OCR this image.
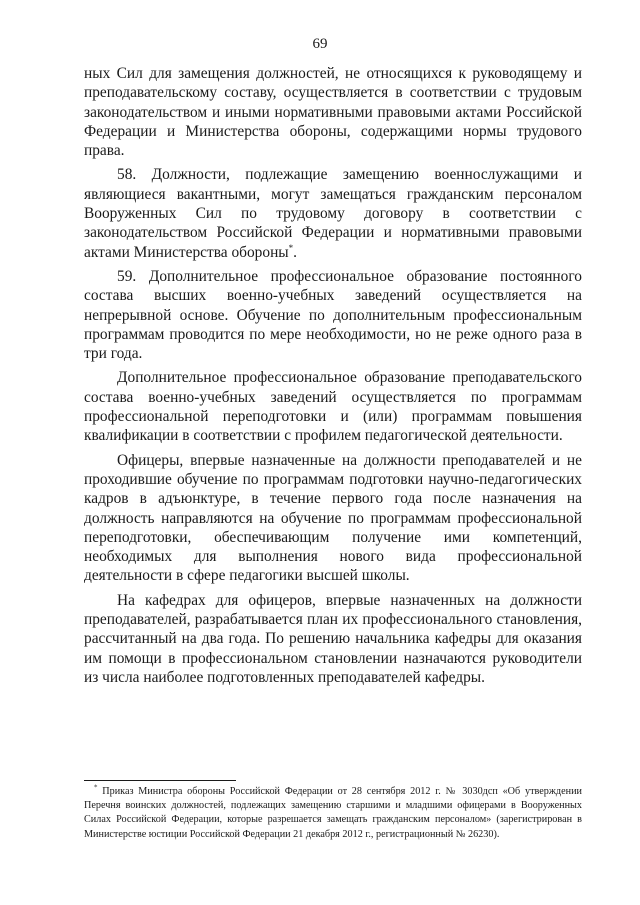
69

ных Сил для замещения должностей, не относящихся к руководящему и преподавательскому составу, осуществляется в соответствии с трудовым законодательством и иными нормативными правовыми актами Российской Федерации и Министерства обороны, содержащими нормы трудового права.

58. Должности, подлежащие замещению военнослужащими и являющиеся вакантными, могут замещаться гражданским персоналом Вооруженных Сил по трудовому договору в соответствии с законодательством Российской Федерации и нормативными правовыми актами Министерства обороны*.

59. Дополнительное профессиональное образование постоянного состава высших военно-учебных заведений осуществляется на непрерывной основе. Обучение по дополнительным профессиональным программам проводится по мере необходимости, но не реже одного раза в три года.

Дополнительное профессиональное образование преподавательского состава военно-учебных заведений осуществляется по программам профессиональной переподготовки и (или) программам повышения квалификации в соответствии с профилем педагогической деятельности.

Офицеры, впервые назначенные на должности преподавателей и не проходившие обучение по программам подготовки научно-педагогических кадров в адъюнктуре, в течение первого года после назначения на должность направляются на обучение по программам профессиональной переподготовки, обеспечивающим получение ими компетенций, необходимых для выполнения нового вида профессиональной деятельности в сфере педагогики высшей школы.

На кафедрах для офицеров, впервые назначенных на должности преподавателей, разрабатывается план их профессионального становления, рассчитанный на два года. По решению начальника кафедры для оказания им помощи в профессиональном становлении назначаются руководители из числа наиболее подготовленных преподавателей кафедры.

* Приказ Министра обороны Российской Федерации от 28 сентября 2012 г. № 3030дсп «Об утверждении Перечня воинских должностей, подлежащих замещению старшими и младшими офицерами в Вооруженных Силах Российской Федерации, которые разрешается замещать гражданским персоналом» (зарегистрирован в Министерстве юстиции Российской Федерации 21 декабря 2012 г., регистрационный № 26230).
